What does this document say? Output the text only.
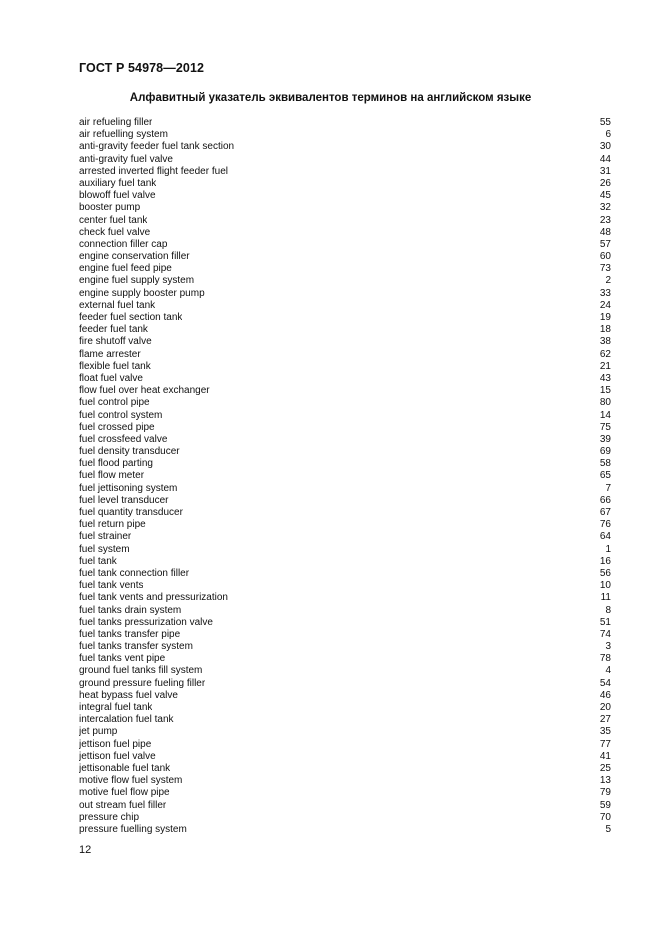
ГОСТ Р 54978—2012
Алфавитный указатель эквивалентов терминов на английском языке
air refueling filler	55
air refuelling system	6
anti-gravity feeder fuel tank section	30
anti-gravity fuel valve	44
arrested inverted flight feeder fuel	31
auxiliary fuel tank	26
blowoff fuel valve	45
booster pump	32
center fuel tank	23
check fuel valve	48
connection filler cap	57
engine conservation filler	60
engine fuel feed pipe	73
engine fuel supply system	2
engine supply booster pump	33
external fuel tank	24
feeder fuel section tank	19
feeder fuel tank	18
fire shutoff valve	38
flame arrester	62
flexible fuel tank	21
float fuel valve	43
flow fuel over heat exchanger	15
fuel control pipe	80
fuel control system	14
fuel crossed pipe	75
fuel crossfeed valve	39
fuel density transducer	69
fuel flood parting	58
fuel flow meter	65
fuel jettisoning system	7
fuel level transducer	66
fuel quantity transducer	67
fuel return pipe	76
fuel strainer	64
fuel system	1
fuel tank	16
fuel tank connection filler	56
fuel tank vents	10
fuel tank vents and pressurization	11
fuel tanks drain system	8
fuel tanks pressurization valve	51
fuel tanks transfer pipe	74
fuel tanks transfer system	3
fuel tanks vent pipe	78
ground fuel tanks fill system	4
ground pressure fueling filler	54
heat bypass fuel valve	46
integral fuel tank	20
intercalation fuel tank	27
jet pump	35
jettison fuel pipe	77
jettison fuel valve	41
jettisonable fuel tank	25
motive flow fuel system	13
motive fuel flow pipe	79
out stream fuel filler	59
pressure chip	70
pressure fuelling system	5
12
